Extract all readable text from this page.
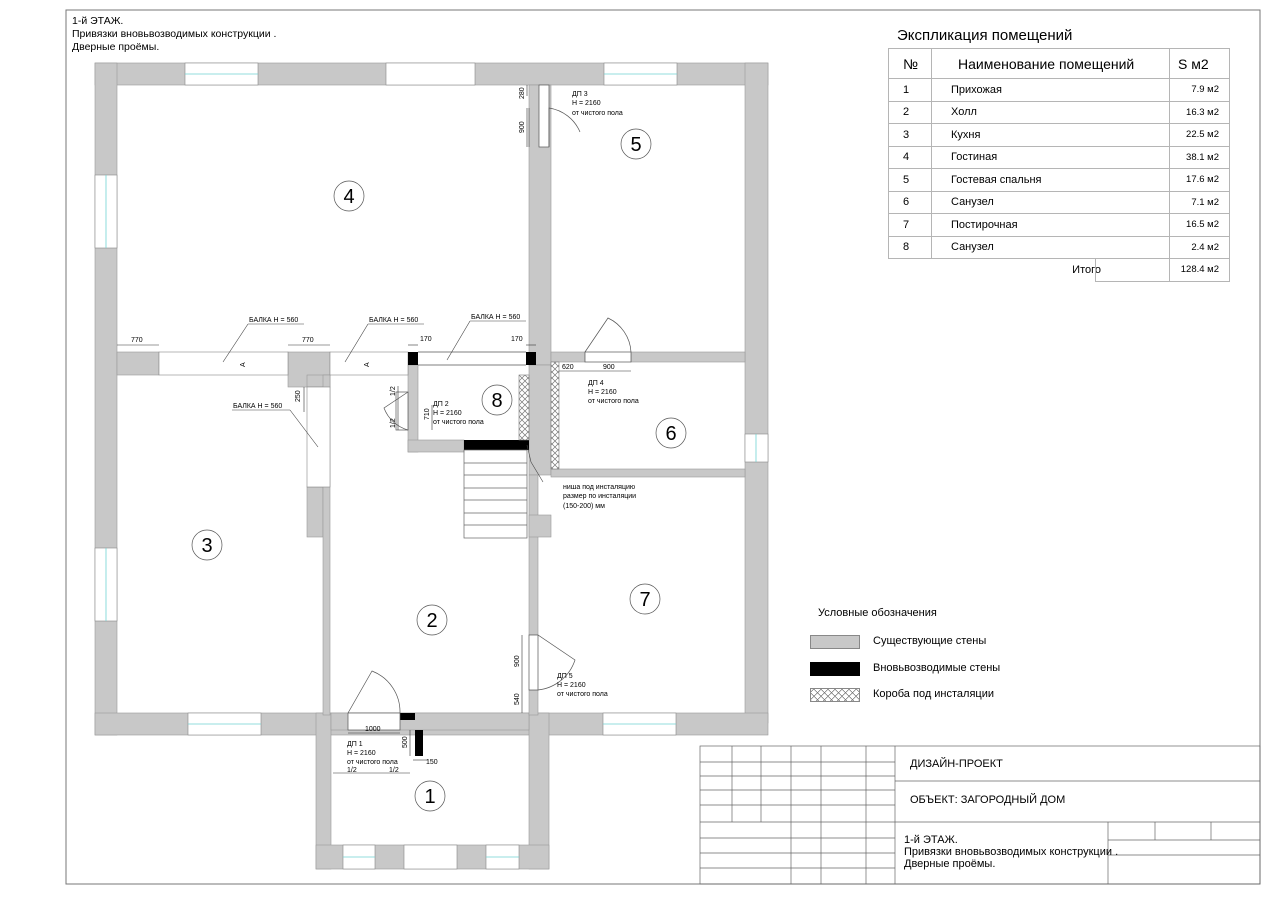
БАЛКА Н = 560	БАЛКА Н = 560	БАЛКА Н = 560
БАЛКА Н = 560
А	А
770	770	170	170
280
900
620	900
250
710
1/2
1/2
900
540
1000
500
150
1/2	1/2
ДП 3
Н = 2160
от чистого пола
ДП 4
Н = 2160
от чистого пола
ДП 2
Н = 2160
от чистого пола
ДП 5
Н = 2160
от чистого пола
ДП 1
Н = 2160
от чистого пола
ниша под инсталяцию
размер по инсталяции
(150-200) мм
1
2
3
4
5
6
7
8
1-й ЭТАЖ.
Привязки вновьвозводимых конструкции .
Дверные проёмы.
Экспликация помещений
№	Наименование помещений	S м2
1	Прихожая	7.9 м2
2	Холл	16.3 м2
3	Кухня	22.5 м2
4	Гостиная	38.1 м2
5	Гостевая спальня	17.6 м2
6	Санузел	7.1 м2
7	Постирочная	16.5 м2
8	Санузел	2.4 м2
	Итого	128.4 м2
Условные обозначения
Существующие стены
Вновьвозводимые стены
Короба под инсталяции
ДИЗАЙН-ПРОЕКТ
ОБЪЕКТ: ЗАГОРОДНЫЙ ДОМ
1-й ЭТАЖ.
Привязки вновьвозводимых конструкции .
Дверные проёмы.
